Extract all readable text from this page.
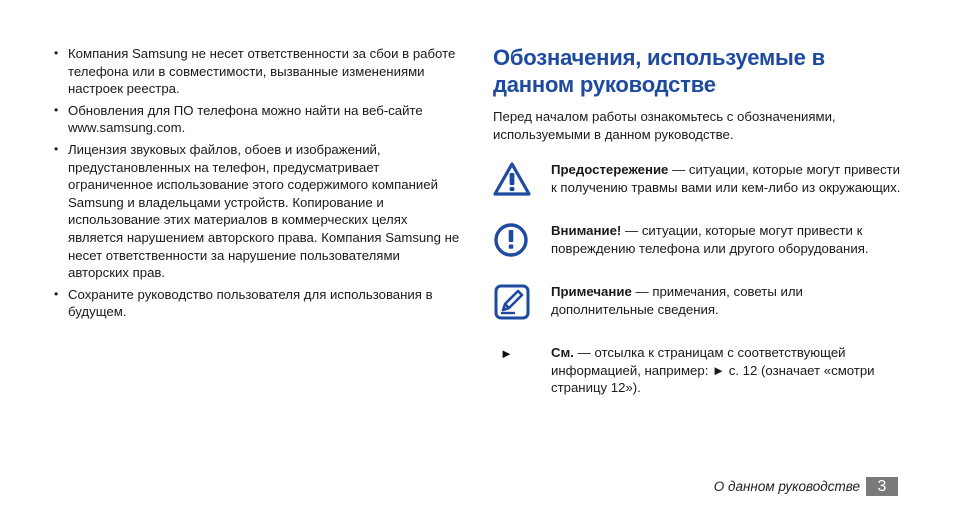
• Компания Samsung не несет ответственности за сбои в работе телефона или в совместимости, вызванные изменениями настроек реестра.
• Обновления для ПО телефона можно найти на веб-сайте www.samsung.com.
• Лицензия звуковых файлов, обоев и изображений, предустановленных на телефон, предусматривает ограниченное использование этого содержимого компанией Samsung и владельцами устройств. Копирование и использование этих материалов в коммерческих целях является нарушением авторского права. Компания Samsung не несет ответственности за нарушение пользователями авторских прав.
• Сохраните руководство пользователя для использования в будущем.
Обозначения, используемые в данном руководстве

Перед началом работы ознакомьтесь с обозначениями, используемыми в данном руководстве.

Предостережение — ситуации, которые могут привести к получению травмы вами или кем-либо из окружающих.
Внимание! — ситуации, которые могут привести к повреждению телефона или другого оборудования.
Примечание — примечания, советы или дополнительные сведения.
►	См. — отсылка к страницам с соответствующей информацией, например: ► с. 12 (означает «смотри страницу 12»).
О данном руководстве	3
